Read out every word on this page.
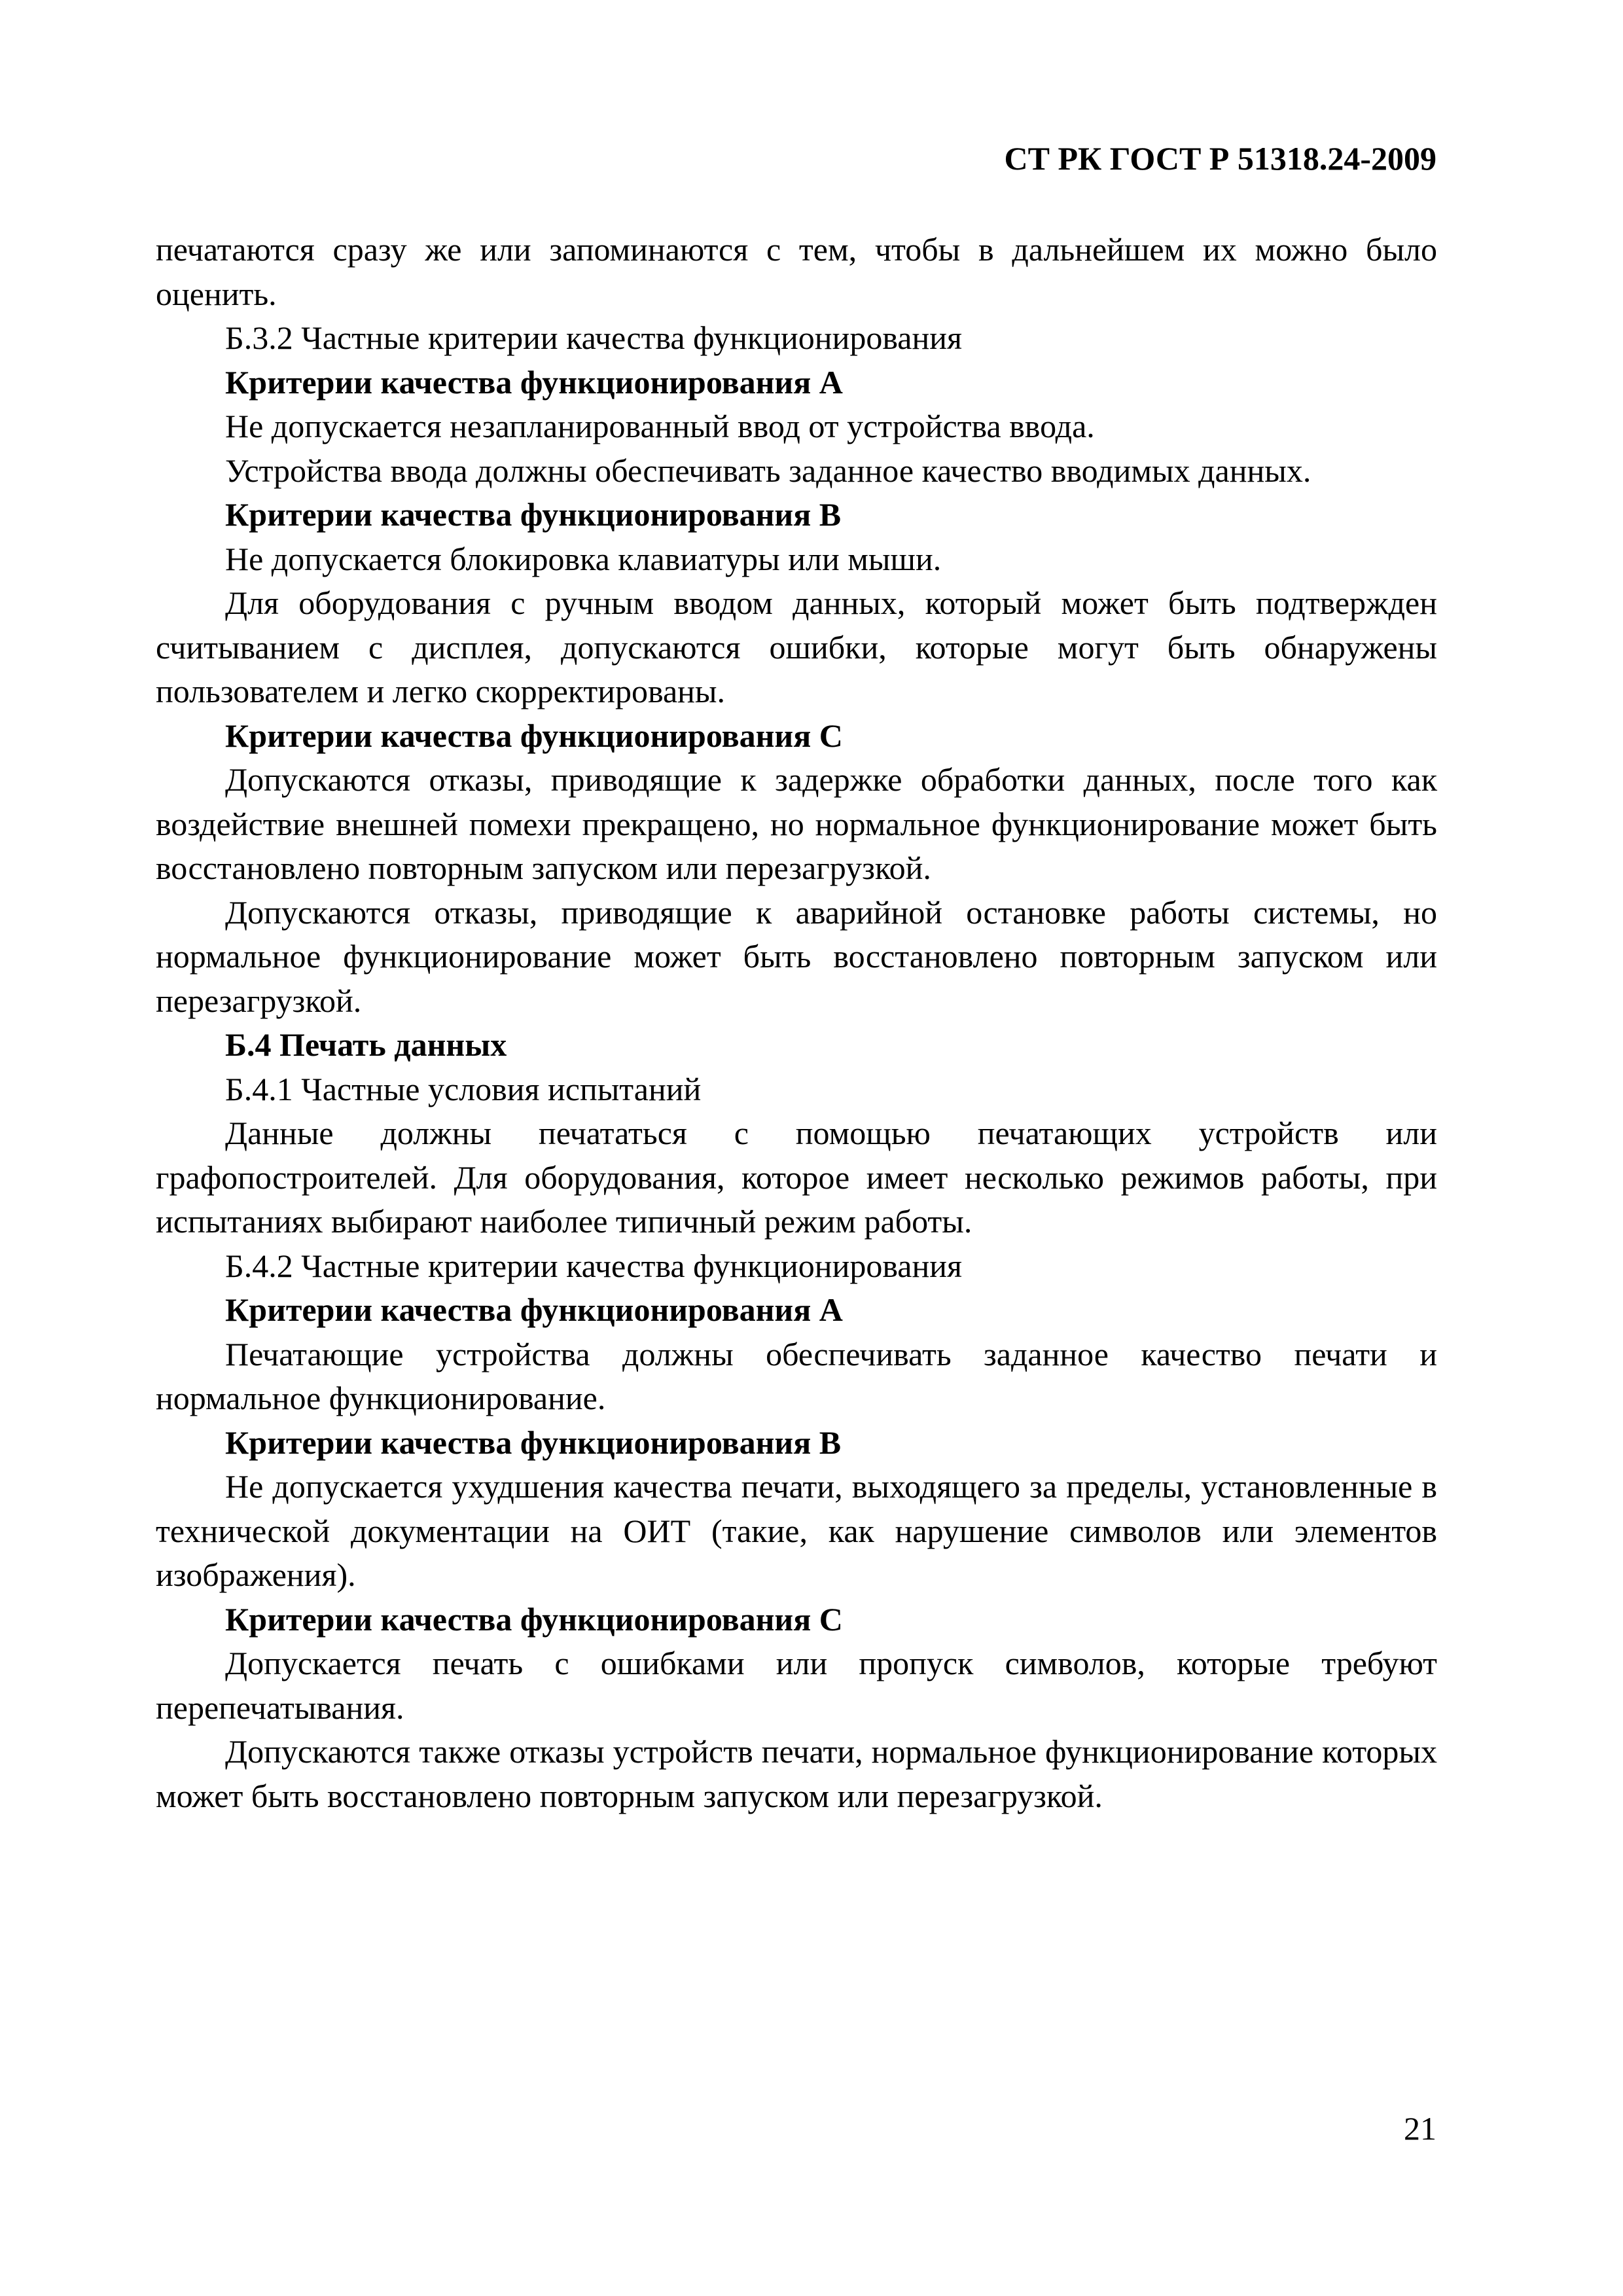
СТ РК ГОСТ Р 51318.24-2009

печатаются сразу же или запоминаются с тем, чтобы в дальнейшем их можно было оценить.

Б.3.2 Частные критерии качества функционирования

Критерии качества функционирования А

Не допускается незапланированный ввод от устройства ввода.

Устройства ввода должны обеспечивать заданное качество вводимых данных.

Критерии качества функционирования В

Не допускается блокировка клавиатуры или мыши.

Для оборудования с ручным вводом данных, который может быть подтвержден считыванием с дисплея, допускаются ошибки, которые могут быть обнаружены пользователем и легко скорректированы.

Критерии качества функционирования С

Допускаются отказы, приводящие к задержке обработки данных, после того как воздействие внешней помехи прекращено, но нормальное функционирование может быть восстановлено повторным запуском или перезагрузкой.

Допускаются отказы, приводящие к аварийной остановке работы системы, но нормальное функционирование может быть восстановлено повторным запуском или перезагрузкой.

Б.4 Печать данных

Б.4.1 Частные условия испытаний

Данные должны печататься с помощью печатающих устройств или графопостроителей. Для оборудования, которое имеет несколько режимов работы, при испытаниях выбирают наиболее типичный режим работы.

Б.4.2 Частные критерии качества функционирования

Критерии качества функционирования А

Печатающие устройства должны обеспечивать заданное качество печати и нормальное функционирование.

Критерии качества функционирования В

Не допускается ухудшения качества печати, выходящего за пределы, установленные в технической документации на ОИТ (такие, как нарушение символов или элементов изображения).

Критерии качества функционирования С

Допускается печать с ошибками или пропуск символов, которые требуют перепечатывания.

Допускаются также отказы устройств печати, нормальное функционирование которых может быть восстановлено повторным запуском или перезагрузкой.

21
